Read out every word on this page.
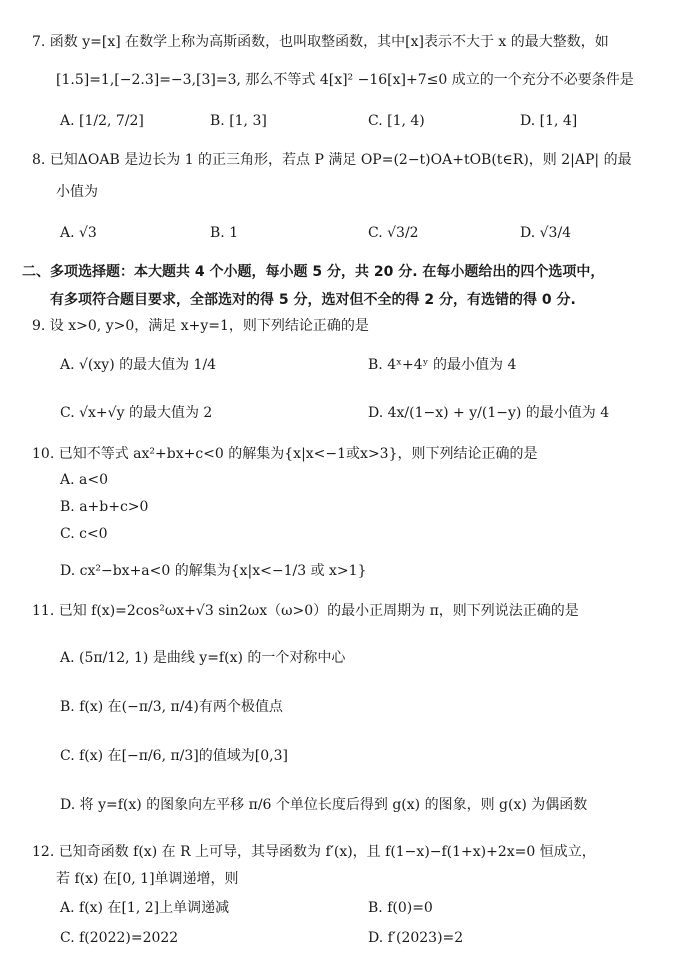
7. 函数 y=[x] 在数学上称为高斯函数，也叫取整函数，其中[x]表示不大于 x 的最大整数，如
[1.5]=1,[−2.3]=−3,[3]=3, 那么不等式 4[x]² −16[x]+7≤0 成立的一个充分不必要条件是
A. [1/2, 7/2]	B. [1, 3]	C. [1, 4)	D. [1, 4]
8. 已知ΔOAB 是边长为 1 的正三角形，若点 P 满足 OP=(2−t)OA+tOB(t∈R)，则 2|AP| 的最
小值为
A. √3	B. 1	C. √3/2	D. √3/4
二、多项选择题：本大题共 4 个小题，每小题 5 分，共 20 分. 在每小题给出的四个选项中，
有多项符合题目要求，全部选对的得 5 分，选对但不全的得 2 分，有选错的得 0 分.
9. 设 x>0, y>0，满足 x+y=1，则下列结论正确的是
A. √(xy) 的最大值为 1/4	B. 4ˣ+4ʸ 的最小值为 4
C. √x+√y 的最大值为 2	D. 4x/(1−x) + y/(1−y) 的最小值为 4
10. 已知不等式 ax²+bx+c<0 的解集为{x|x<−1或x>3}，则下列结论正确的是
A. a<0
B. a+b+c>0
C. c<0
D. cx²−bx+a<0 的解集为{x|x<−1/3 或 x>1}
11. 已知 f(x)=2cos²ωx+√3 sin2ωx（ω>0）的最小正周期为 π，则下列说法正确的是
A. (5π/12, 1) 是曲线 y=f(x) 的一个对称中心
B. f(x) 在(−π/3, π/4)有两个极值点
C. f(x) 在[−π/6, π/3]的值域为[0,3]
D. 将 y=f(x) 的图象向左平移 π/6 个单位长度后得到 g(x) 的图象，则 g(x) 为偶函数
12. 已知奇函数 f(x) 在 R 上可导，其导函数为 f′(x)，且 f(1−x)−f(1+x)+2x=0 恒成立，
若 f(x) 在[0, 1]单调递增，则
A. f(x) 在[1, 2]上单调递减	B. f(0)=0
C. f(2022)=2022	D. f′(2023)=2
